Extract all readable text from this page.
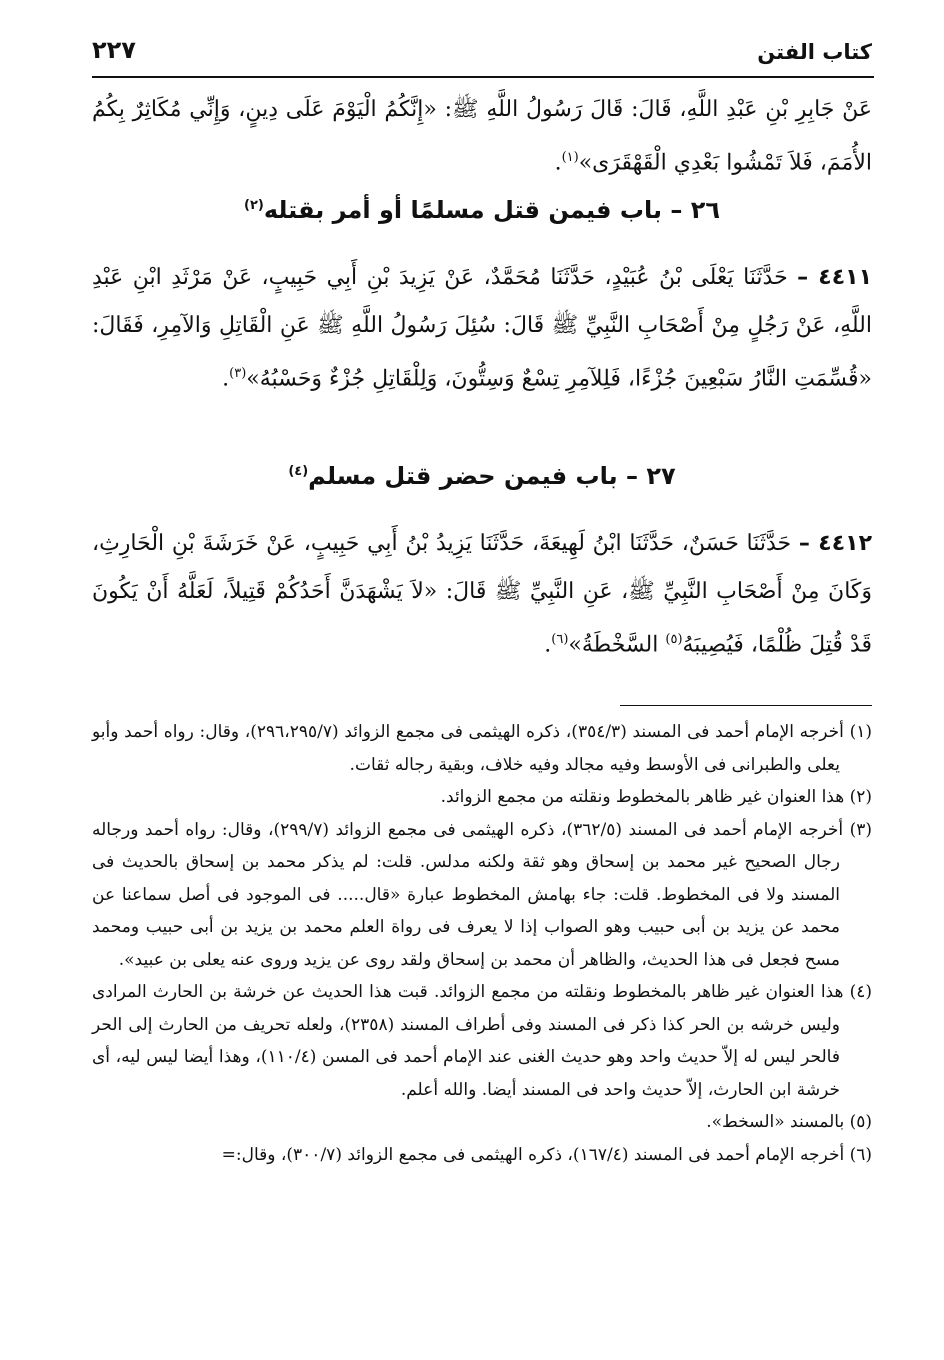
كتاب الفتن
٢٢٧
عَنْ جَابِرِ بْنِ عَبْدِ اللَّهِ، قَالَ: قَالَ رَسُولُ اللَّهِ ﷺ: «إِنَّكُمُ الْيَوْمَ عَلَى دِينٍ، وَإِنِّي مُكَاثِرٌ بِكُمُ الأُمَمَ، فَلاَ تَمْشُوا بَعْدِي الْقَهْقَرَى»$^{(١)}$.
٢٦ – باب فيمن قتل مسلمًا أو أمر بقتله$^{(٢)}$
٤٤١١ – حَدَّثَنَا يَعْلَى بْنُ عُبَيْدٍ، حَدَّثَنَا مُحَمَّدٌ، عَنْ يَزِيدَ بْنِ أَبِي حَبِيبٍ، عَنْ مَرْثَدِ ابْنِ عَبْدِ اللَّهِ، عَنْ رَجُلٍ مِنْ أَصْحَابِ النَّبِيِّ ﷺ قَالَ: سُئِلَ رَسُولُ اللَّهِ ﷺ عَنِ الْقَاتِلِ وَالآمِرِ، فَقَالَ: «قُسِّمَتِ النَّارُ سَبْعِينَ جُزْءًا، فَلِلآمِرِ تِسْعٌ وَسِتُّونَ، وَلِلْقَاتِلِ جُزْءٌ وَحَسْبُهُ»$^{(٣)}$.
٢٧ – باب فيمن حضر قتل مسلم$^{(٤)}$
٤٤١٢ – حَدَّثَنَا حَسَنٌ، حَدَّثَنَا ابْنُ لَهِيعَةَ، حَدَّثَنَا يَزِيدُ بْنُ أَبِي حَبِيبٍ، عَنْ خَرَشَةَ بْنِ الْحَارِثِ، وَكَانَ مِنْ أَصْحَابِ النَّبِيِّ ﷺ، عَنِ النَّبِيِّ ﷺ قَالَ: «لاَ يَشْهَدَنَّ أَحَدُكُمْ قَتِيلاً، لَعَلَّهُ أَنْ يَكُونَ قَدْ قُتِلَ ظُلْمًا، فَيُصِيبَهُ$^{(٥)}$ السَّخْطَةُ»$^{(٦)}$.

(١) أخرجه الإمام أحمد فى المسند (٣٥٤/٣)، ذكره الهيثمى فى مجمع الزوائد (٢٩٦،٢٩٥/٧)، وقال: رواه أحمد وأبو يعلى والطبرانى فى الأوسط وفيه مجالد وفيه خلاف، وبقية رجاله ثقات.

(٢) هذا العنوان غير ظاهر بالمخطوط ونقلته من مجمع الزوائد.

(٣) أخرجه الإمام أحمد فى المسند (٣٦٢/٥)، ذكره الهيثمى فى مجمع الزوائد (٢٩٩/٧)، وقال: رواه أحمد ورجاله رجال الصحيح غير محمد بن إسحاق وهو ثقة ولكنه مدلس. قلت: لم يذكر محمد بن إسحاق بالحديث فى المسند ولا فى المخطوط. قلت: جاء بهامش المخطوط عبارة «قال..... فى الموجود فى أصل سماعنا عن محمد عن يزيد بن أبى حبيب وهو الصواب إذا لا يعرف فى رواة العلم محمد بن يزيد بن أبى حبيب ومحمد مسح فجعل فى هذا الحديث، والظاهر أن محمد بن إسحاق ولقد روى عن يزيد وروى عنه يعلى بن عبيد».

(٤) هذا العنوان غير ظاهر بالمخطوط ونقلته من مجمع الزوائد. قبت هذا الحديث عن خرشة بن الحارث المرادى وليس خرشه بن الحر كذا ذكر فى المسند وفى أطراف المسند (٢٣٥٨)، ولعله تحريف من الحارث إلى الحر فالحر ليس له إلاّ حديث واحد وهو حديث الغنى عند الإمام أحمد فى المسن (١١٠/٤)، وهذا أيضا ليس ليه، أى خرشة ابن الحارث، إلاّ حديث واحد فى المسند أيضا. والله أعلم.

(٥) بالمسند «السخط».

(٦) أخرجه الإمام أحمد فى المسند (١٦٧/٤)، ذكره الهيثمى فى مجمع الزوائد (٣٠٠/٧)، وقال:=
